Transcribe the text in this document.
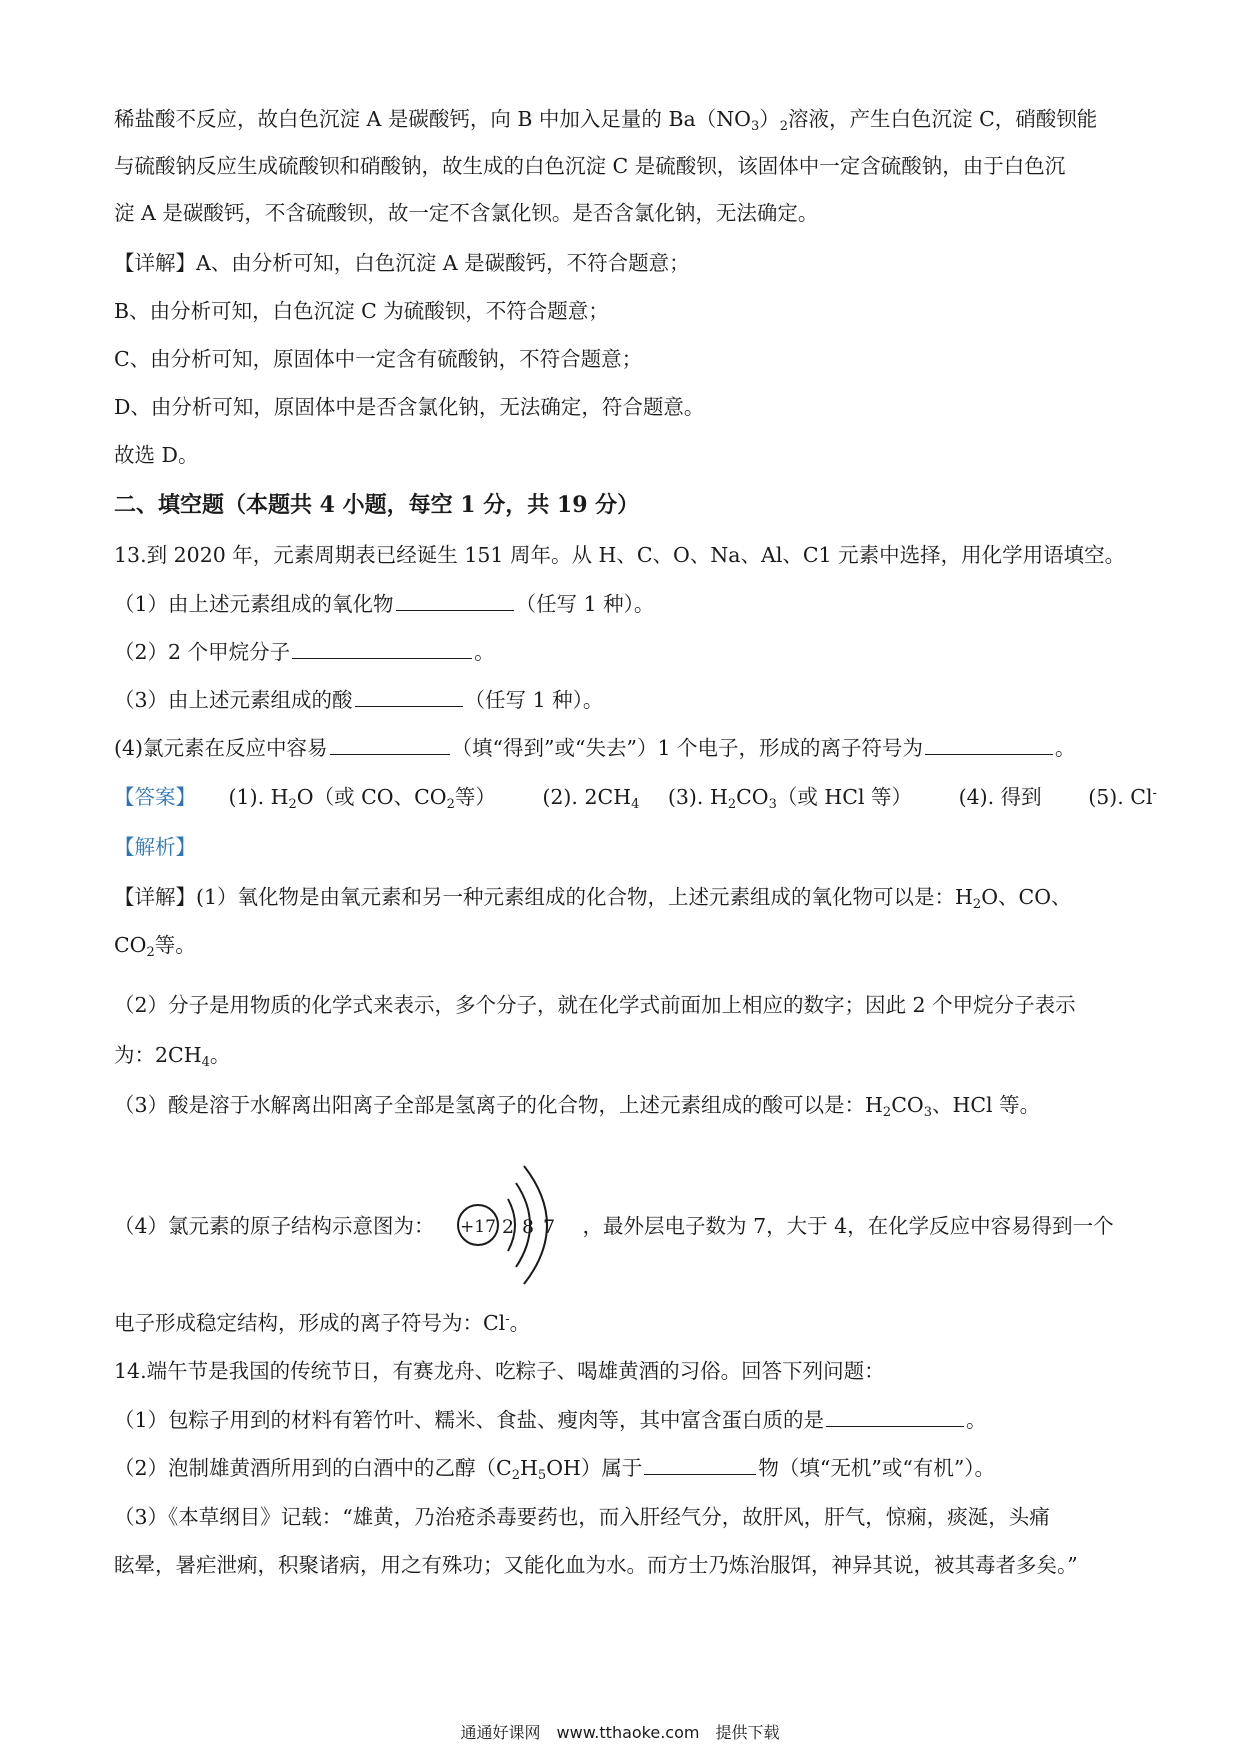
稀盐酸不反应，故白色沉淀 A 是碳酸钙，向 B 中加入足量的 $Ba(NO_3)_2$溶液，产生白色沉淀 C，硝酸钡能
与硫酸钠反应生成硫酸钡和硝酸钠，故生成的白色沉淀 C 是硫酸钡，该固体中一定含硫酸钠，由于白色沉
淀 A 是碳酸钙，不含硫酸钡，故一定不含氯化钡。是否含氯化钠，无法确定。
【详解】A、由分析可知，白色沉淀 A 是碳酸钙，不符合题意；
B、由分析可知，白色沉淀 C 为硫酸钡，不符合题意；
C、由分析可知，原固体中一定含有硫酸钠，不符合题意；
D、由分析可知，原固体中是否含氯化钠，无法确定，符合题意。
故选 D。
二、填空题（本题共 4 小题，每空 1 分，共 19 分）
13.到 2020 年，元素周期表已经诞生 151 周年。从 H、C、O、Na、Al、C1 元素中选择，用化学用语填空。
（1）由上述元素组成的氧化物	（任写 1 种）。
（2）2 个甲烷分子	。
（3）由上述元素组成的酸	（任写 1 种）。
(4)氯元素在反应中容易	（填“得到”或“失去”）1 个电子，形成的离子符号为	。
【答案】 (1). $H_2O$（或 CO、$CO_2$等） (2). $2CH_4$ (3). $H_2CO_3$（或 HCl 等） (4). 得到 (5). Cl-
【解析】
【详解】(1）氧化物是由氧元素和另一种元素组成的化合物，上述元素组成的氧化物可以是：$H_2O$、CO、
$CO_2$等。
（2）分子是用物质的化学式来表示，多个分子，就在化学式前面加上相应的数字；因此 2 个甲烷分子表示
为：$2CH_4$。
（3）酸是溶于水解离出阳离子全部是氢离子的化合物，上述元素组成的酸可以是：$H_2CO_3$、HCl 等。
（4）氯元素的原子结构示意图为：	，最外层电子数为 7，大于 4，在化学反应中容易得到一个
+17 2 8 7
电子形成稳定结构，形成的离子符号为：Cl-。
14.端午节是我国的传统节日，有赛龙舟、吃粽子、喝雄黄酒的习俗。回答下列问题：
（1）包粽子用到的材料有箬竹叶、糯米、食盐、瘦肉等，其中富含蛋白质的是	。
（2）泡制雄黄酒所用到的白酒中的乙醇$(C_2H_5OH)$属于	物（填“无机”或“有机”）。
（3）《本草纲目》记载：“雄黄，乃治疮杀毒要药也，而入肝经气分，故肝风，肝气，惊痫，痰涎，头痛
眩晕，暑疟泄痢，积聚诸病，用之有殊功；又能化血为水。而方士乃炼治服饵，神异其说，被其毒者多矣。”
通通好课网　www.tthaoke.com　提供下载
